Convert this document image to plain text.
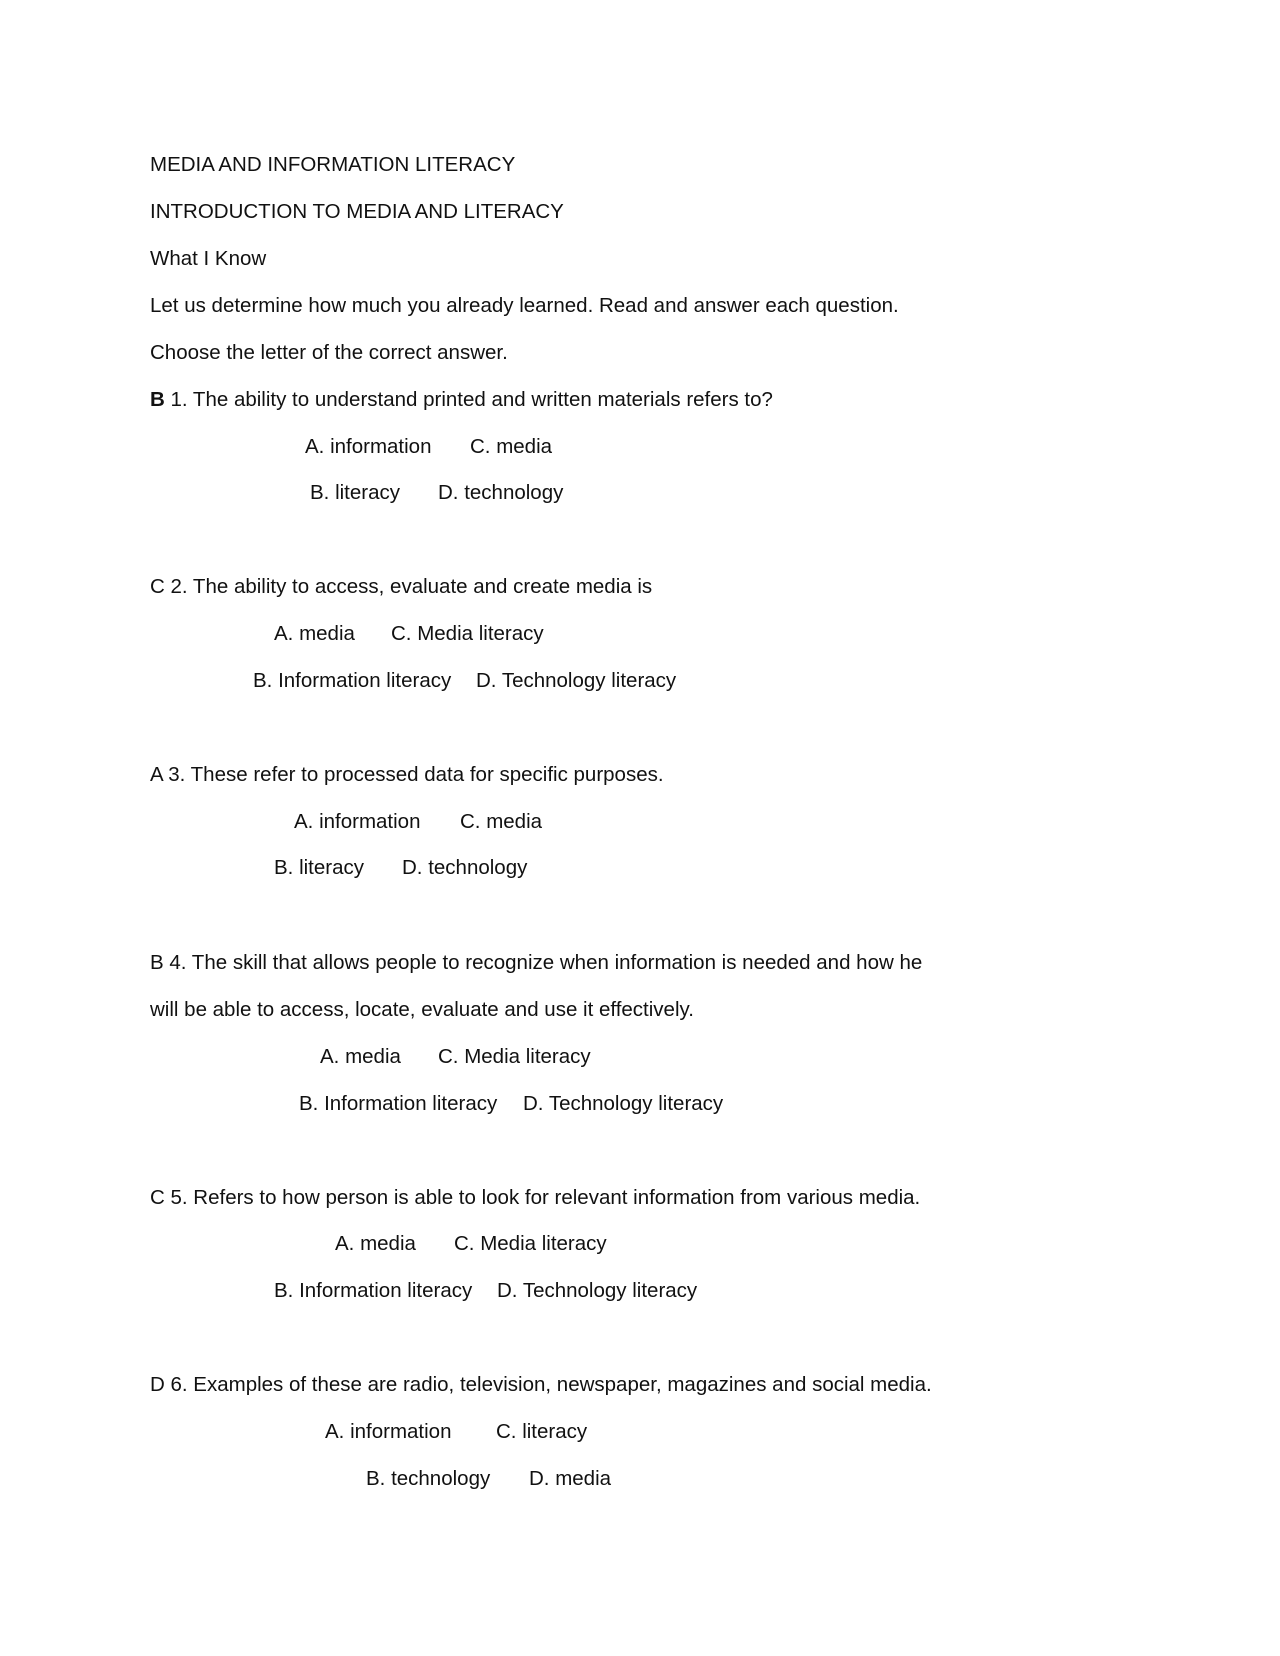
MEDIA AND INFORMATION LITERACY
INTRODUCTION TO MEDIA AND LITERACY
What I Know
Let us determine how much you already learned. Read and answer each question.
Choose the letter of the correct answer.
B 1. The ability to understand printed and written materials refers to?
A. information C. media
B. literacy D. technology
C 2. The ability to access, evaluate and create media is
A. media C. Media literacy
B. Information literacy D. Technology literacy
A 3. These refer to processed data for specific purposes.
A. information C. media
B. literacy D. technology
B 4. The skill that allows people to recognize when information is needed and how he
will be able to access, locate, evaluate and use it effectively.
A. media C. Media literacy
B. Information literacy D. Technology literacy
C 5. Refers to how person is able to look for relevant information from various media.
A. media C. Media literacy
B. Information literacy D. Technology literacy
D 6. Examples of these are radio, television, newspaper, magazines and social media.
A. information C. literacy
B. technology D. media
